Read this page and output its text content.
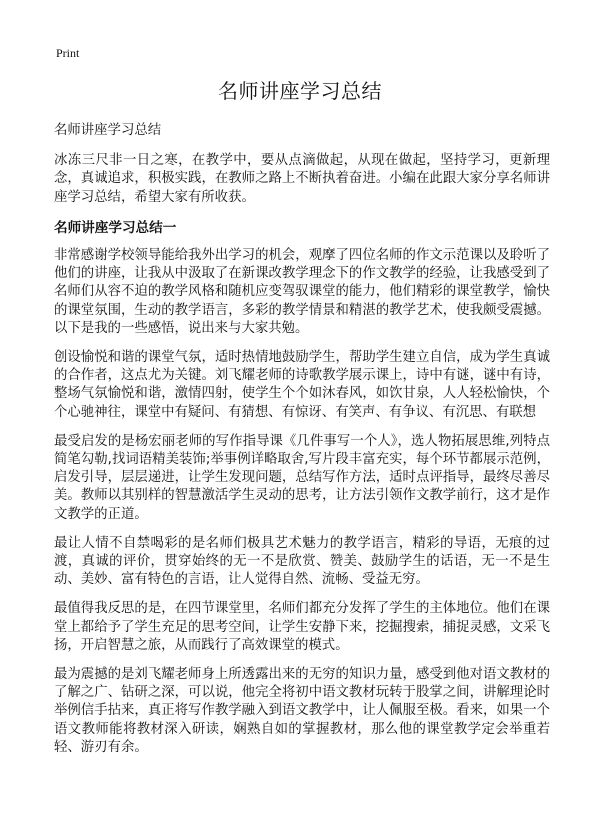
Print
名师讲座学习总结

名师讲座学习总结

冰冻三尺非一日之寒，在教学中，要从点滴做起，从现在做起，坚持学习，更新理念，真诚追求，积极实践，在教师之路上不断执着奋进。小编在此跟大家分享名师讲座学习总结，希望大家有所收获。

名师讲座学习总结一

非常感谢学校领导能给我外出学习的机会，观摩了四位名师的作文示范课以及聆听了他们的讲座，让我从中汲取了在新课改教学理念下的作文教学的经验，让我感受到了名师们从容不迫的教学风格和随机应变驾驭课堂的能力，他们精彩的课堂教学，愉快的课堂氛围，生动的教学语言，多彩的教学情景和精湛的教学艺术，使我颇受震撼。以下是我的一些感悟，说出来与大家共勉。

创设愉悦和谐的课堂气氛，适时热情地鼓励学生，帮助学生建立自信，成为学生真诚的合作者，这点尤为关键。刘飞耀老师的诗歌教学展示课上，诗中有谜，谜中有诗，整场气氛愉悦和谐，激情四射，使学生个个如沐春风，如饮甘泉，人人轻松愉快，个个心驰神往，课堂中有疑问、有猜想、有惊讶、有笑声、有争议、有沉思、有联想

最受启发的是杨宏丽老师的写作指导课《几件事写一个人》，选人物拓展思维,列特点简笔勾勒,找词语精美装饰;举事例详略取舍,写片段丰富充实，每个环节都展示范例，启发引导，层层递进，让学生发现问题，总结写作方法，适时点评指导，最终尽善尽美。教师以其别样的智慧激活学生灵动的思考，让方法引领作文教学前行，这才是作文教学的正道。

最让人情不自禁喝彩的是名师们极具艺术魅力的教学语言，精彩的导语，无痕的过渡，真诚的评价，贯穿始终的无一不是欣赏、赞美、鼓励学生的话语，无一不是生动、美妙、富有特色的言语，让人觉得自然、流畅、受益无穷。

最值得我反思的是，在四节课堂里，名师们都充分发挥了学生的主体地位。他们在课堂上都给予了学生充足的思考空间，让学生安静下来，挖掘搜索，捕捉灵感，文采飞扬，开启智慧之旅，从而践行了高效课堂的模式。

最为震撼的是刘飞耀老师身上所透露出来的无穷的知识力量，感受到他对语文教材的了解之广、钻研之深，可以说，他完全将初中语文教材玩转于股掌之间，讲解理论时举例信手拈来，真正将写作教学融入到语文教学中，让人佩服至极。看来，如果一个语文教师能将教材深入研读，娴熟自如的掌握教材，那么他的课堂教学定会举重若轻、游刃有余。
